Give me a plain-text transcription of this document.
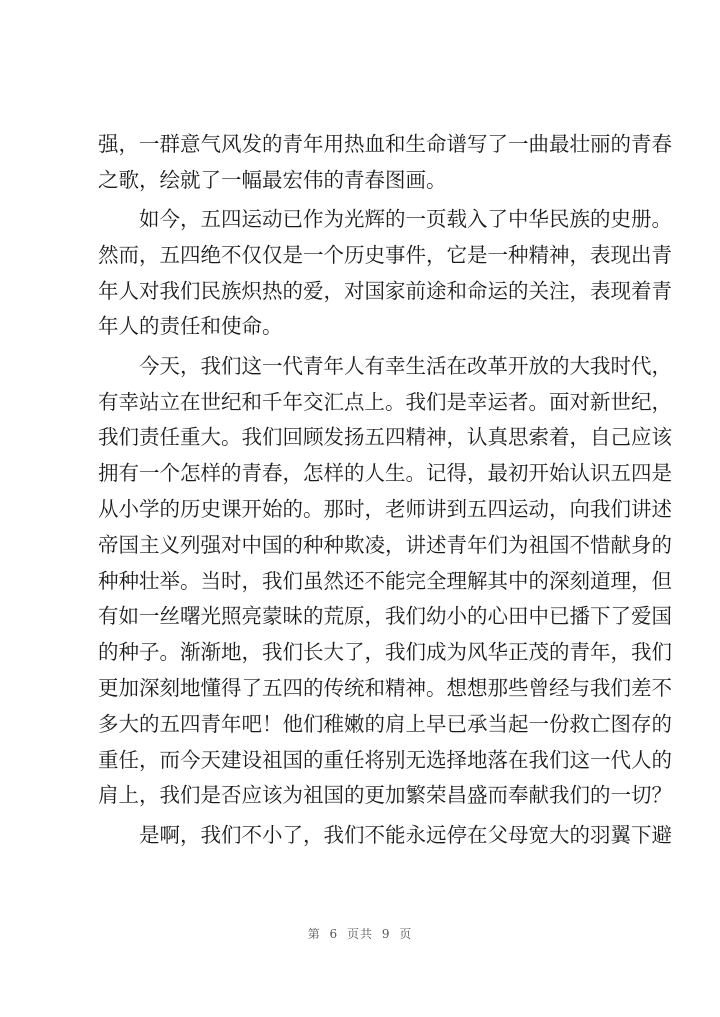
强，一群意气风发的青年用热血和生命谱写了一曲最壮丽的青春
之歌，绘就了一幅最宏伟的青春图画。
如今，五四运动已作为光辉的一页载入了中华民族的史册。
然而，五四绝不仅仅是一个历史事件，它是一种精神，表现出青
年人对我们民族炽热的爱，对国家前途和命运的关注，表现着青
年人的责任和使命。
今天，我们这一代青年人有幸生活在改革开放的大我时代，
有幸站立在世纪和千年交汇点上。我们是幸运者。面对新世纪，
我们责任重大。我们回顾发扬五四精神，认真思索着，自己应该
拥有一个怎样的青春，怎样的人生。记得，最初开始认识五四是
从小学的历史课开始的。那时，老师讲到五四运动，向我们讲述
帝国主义列强对中国的种种欺凌，讲述青年们为祖国不惜献身的
种种壮举。当时，我们虽然还不能完全理解其中的深刻道理，但
有如一丝曙光照亮蒙昧的荒原，我们幼小的心田中已播下了爱国
的种子。渐渐地，我们长大了，我们成为风华正茂的青年，我们
更加深刻地懂得了五四的传统和精神。想想那些曾经与我们差不
多大的五四青年吧！他们稚嫩的肩上早已承当起一份救亡图存的
重任，而今天建设祖国的重任将别无选择地落在我们这一代人的
肩上，我们是否应该为祖国的更加繁荣昌盛而奉献我们的一切？
是啊，我们不小了，我们不能永远停在父母宽大的羽翼下避
第 6 页共 9 页
